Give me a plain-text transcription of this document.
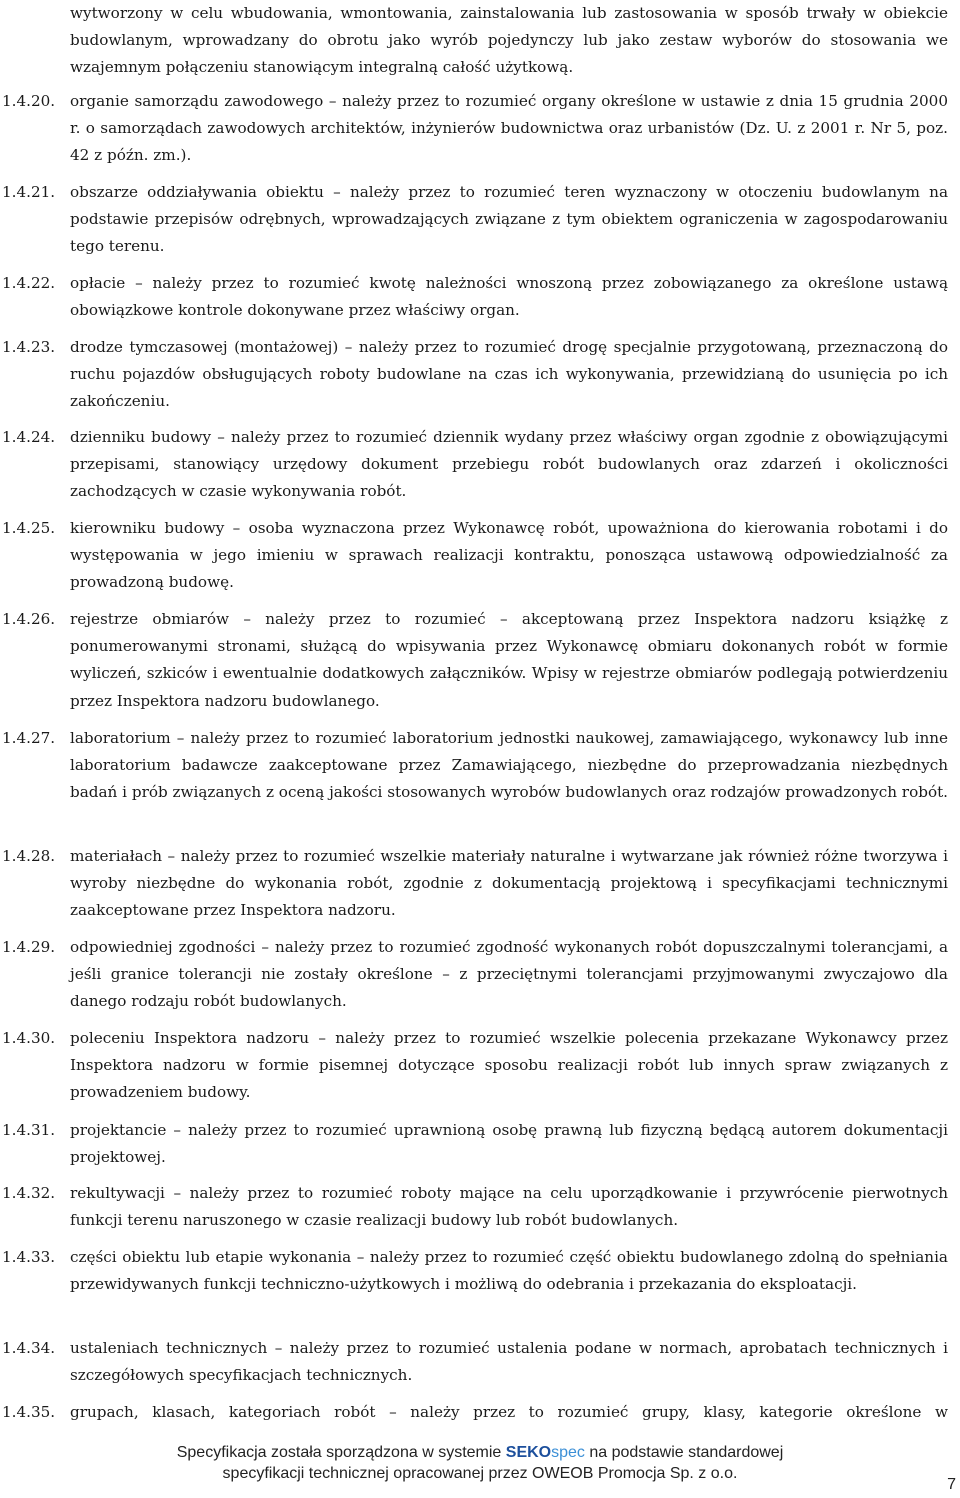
wytworzony w celu wbudowania, wmontowania, zainstalowania lub zastosowania w sposób trwały w obiekcie budowlanym, wprowadzany do obrotu jako wyrób pojedynczy lub jako zestaw wyborów do stosowania we wzajemnym połączeniu stanowiącym integralną całość użytkową.
1.4.20. organie samorządu zawodowego – należy przez to rozumieć organy określone w ustawie z dnia 15 grudnia 2000 r. o samorządach zawodowych architektów, inżynierów budownictwa oraz urbanistów (Dz. U. z 2001 r. Nr 5, poz. 42 z późn. zm.).
1.4.21. obszarze oddziaływania obiektu – należy przez to rozumieć teren wyznaczony w otoczeniu budowlanym na podstawie przepisów odrębnych, wprowadzających związane z tym obiektem ograniczenia w zagospodarowaniu tego terenu.
1.4.22. opłacie – należy przez to rozumieć kwotę należności wnoszoną przez zobowiązanego za określone ustawą obowiązkowe kontrole dokonywane przez właściwy organ.
1.4.23. drodze tymczasowej (montażowej) – należy przez to rozumieć drogę specjalnie przygotowaną, przeznaczoną do ruchu pojazdów obsługujących roboty budowlane na czas ich wykonywania, przewidzianą do usunięcia po ich zakończeniu.
1.4.24. dzienniku budowy – należy przez to rozumieć dziennik wydany przez właściwy organ zgodnie z obowiązującymi przepisami, stanowiący urzędowy dokument przebiegu robót budowlanych oraz zdarzeń i okoliczności zachodzących w czasie wykonywania robót.
1.4.25. kierowniku budowy – osoba wyznaczona przez Wykonawcę robót, upoważniona do kierowania robotami i do występowania w jego imieniu w sprawach realizacji kontraktu, ponosząca ustawową odpowiedzialność za prowadzoną budowę.
1.4.26. rejestrze obmiarów – należy przez to rozumieć – akceptowaną przez Inspektora nadzoru książkę z ponumerowanymi stronami, służącą do wpisywania przez Wykonawcę obmiaru dokonanych robót w formie wyliczeń, szkiców i ewentualnie dodatkowych załączników. Wpisy w rejestrze obmiarów podlegają potwierdzeniu przez Inspektora nadzoru budowlanego.
1.4.27. laboratorium – należy przez to rozumieć laboratorium jednostki naukowej, zamawiającego, wykonawcy lub inne laboratorium badawcze zaakceptowane przez Zamawiającego, niezbędne do przeprowadzania niezbędnych badań i prób związanych z oceną jakości stosowanych wyrobów budowlanych oraz rodzajów prowadzonych robót.
1.4.28. materiałach – należy przez to rozumieć wszelkie materiały naturalne i wytwarzane jak również różne tworzywa i wyroby niezbędne do wykonania robót, zgodnie z dokumentacją projektową i specyfikacjami technicznymi zaakceptowane przez Inspektora nadzoru.
1.4.29. odpowiedniej zgodności – należy przez to rozumieć zgodność wykonanych robót dopuszczalnymi tolerancjami, a jeśli granice tolerancji nie zostały określone – z przeciętnymi tolerancjami przyjmowanymi zwyczajowo dla danego rodzaju robót budowlanych.
1.4.30. poleceniu Inspektora nadzoru – należy przez to rozumieć wszelkie polecenia przekazane Wykonawcy przez Inspektora nadzoru w formie pisemnej dotyczące sposobu realizacji robót lub innych spraw związanych z prowadzeniem budowy.
1.4.31. projektancie – należy przez to rozumieć uprawnioną osobę prawną lub fizyczną będącą autorem dokumentacji projektowej.
1.4.32. rekultywacji – należy przez to rozumieć roboty mające na celu uporządkowanie i przywrócenie pierwotnych funkcji terenu naruszonego w czasie realizacji budowy lub robót budowlanych.
1.4.33. części obiektu lub etapie wykonania – należy przez to rozumieć część obiektu budowlanego zdolną do spełniania przewidywanych funkcji techniczno-użytkowych i możliwą do odebrania i przekazania do eksploatacji.
1.4.34. ustaleniach technicznych – należy przez to rozumieć ustalenia podane w normach, aprobatach technicznych i szczegółowych specyfikacjach technicznych.
1.4.35. grupach, klasach, kategoriach robót – należy przez to rozumieć grupy, klasy, kategorie określone w
Specyfikacja została sporządzona w systemie SEKOspec na podstawie standardowej
specyfikacji technicznej opracowanej przez OWEOB Promocja Sp. z o.o.
7
